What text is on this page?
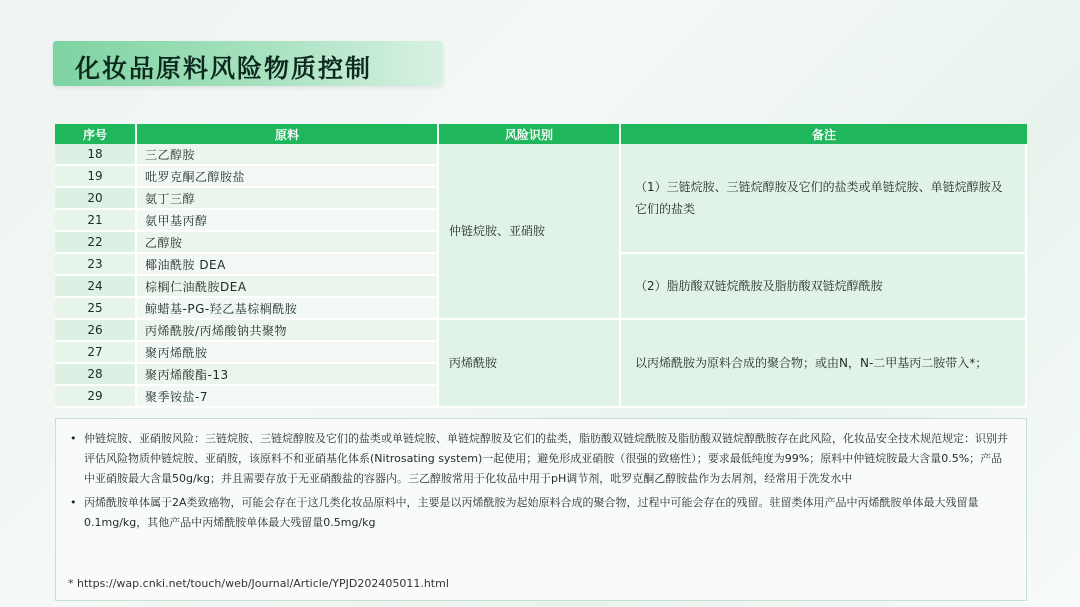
化妆品原料风险物质控制
序号	原料	风险识别	备注
18	三乙醇胺	仲链烷胺、亚硝胺	（1）三链烷胺、三链烷醇胺及它们的盐类或单链烷胺、单链烷醇胺及它们的盐类
19	吡罗克酮乙醇胺盐		
20	氨丁三醇		
21	氨甲基丙醇		
22	乙醇胺		
23	椰油酰胺 DEA		（2）脂肪酸双链烷酰胺及脂肪酸双链烷醇酰胺
24	棕榈仁油酰胺DEA		
25	鲸蜡基-PG-羟乙基棕榈酰胺		
26	丙烯酰胺/丙烯酸钠共聚物	丙烯酰胺	以丙烯酰胺为原料合成的聚合物；或由N，N-二甲基丙二胺带入*；
27	聚丙烯酰胺		
28	聚丙烯酸酯-13		
29	聚季铵盐-7		
• 仲链烷胺、亚硝胺风险：三链烷胺、三链烷醇胺及它们的盐类或单链烷胺、单链烷醇胺及它们的盐类，脂肪酸双链烷酰胺及脂肪酸双链烷醇酰胺存在此风险，化妆品安全技术规范规定：识别并评估风险物质仲链烷胺、亚硝胺，该原料不和亚硝基化体系(Nitrosating system)一起使用；避免形成亚硝胺（很强的致癌性）；要求最低纯度为99%；原料中仲链烷胺最大含量0.5%；产品中亚硝胺最大含量50g/kg；并且需要存放于无亚硝酸盐的容器内。三乙醇胺常用于化妆品中用于pH调节剂，吡罗克酮乙醇胺盐作为去屑剂，经常用于洗发水中
• 丙烯酰胺单体属于2A类致癌物，可能会存在于这几类化妆品原料中，主要是以丙烯酰胺为起始原料合成的聚合物，过程中可能会存在的残留。驻留类体用产品中丙烯酰胺单体最大残留量0.1mg/kg，其他产品中丙烯酰胺单体最大残留量0.5mg/kg
* https://wap.cnki.net/touch/web/Journal/Article/YPJD202405011.html
